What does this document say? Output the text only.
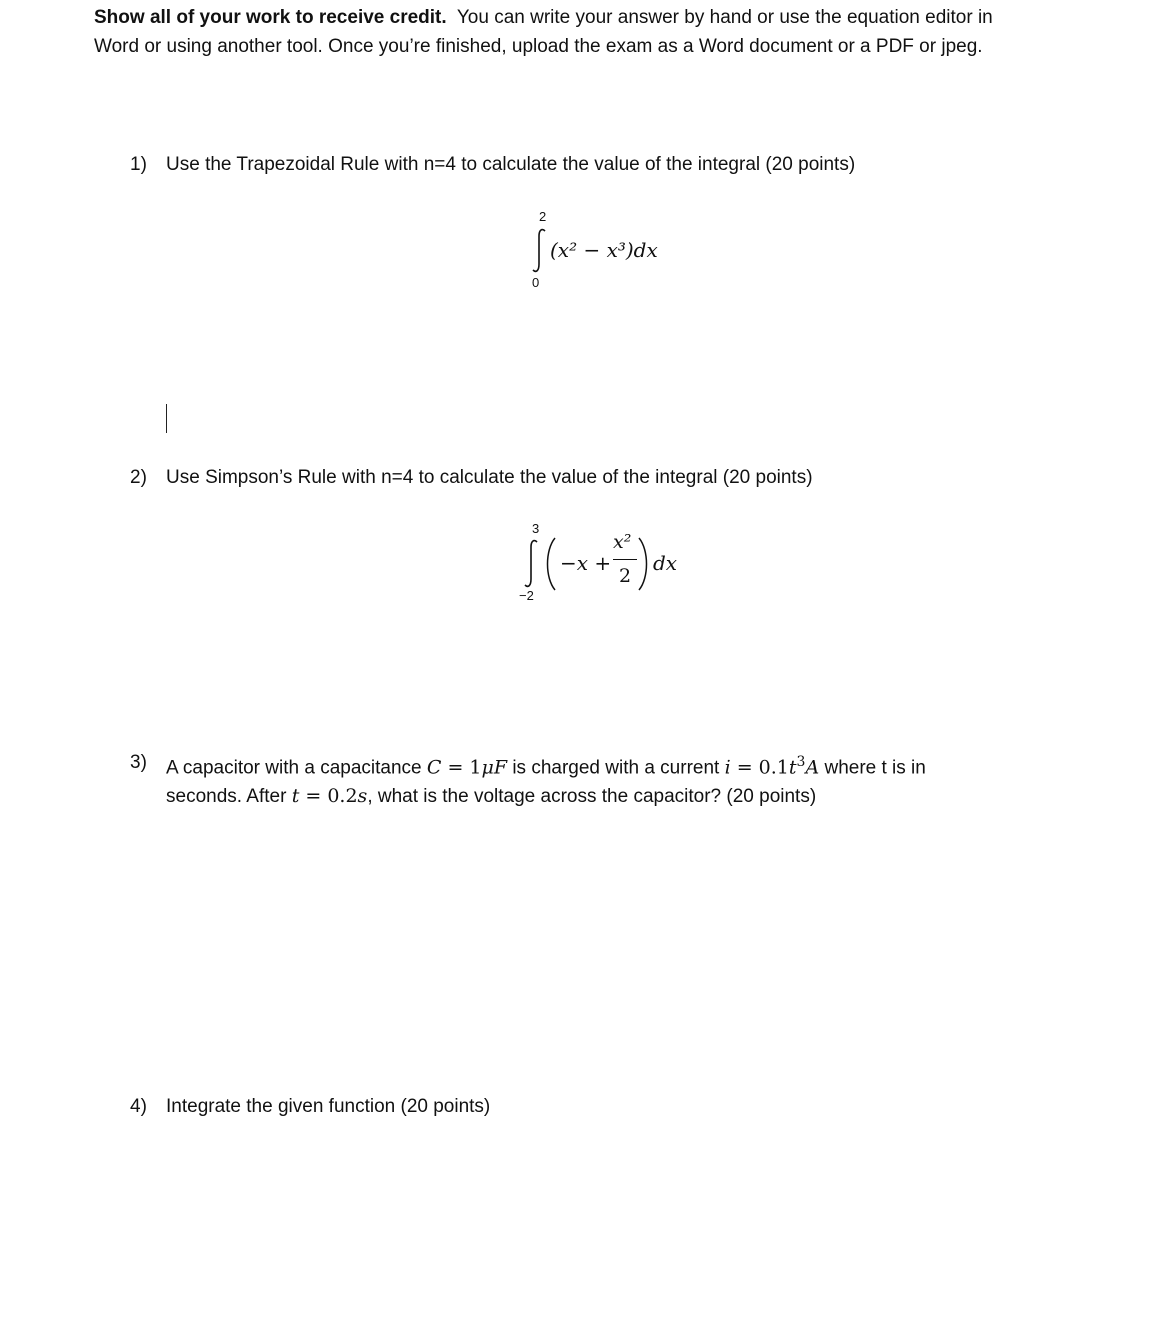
Show all of your work to receive credit. You can write your answer by hand or use the equation editor in Word or using another tool. Once you’re finished, upload the exam as a Word document or a PDF or jpeg.
1) Use the Trapezoidal Rule with n=4 to calculate the value of the integral (20 points)
2
0
(x² − x³)dx
2) Use Simpson’s Rule with n=4 to calculate the value of the integral (20 points)
3
−2
−x +
x²
2
dx
3) A capacitor with a capacitance C = 1μF is charged with a current $i = 0.1t^3A$ where t is in
seconds. After t = 0.2s, what is the voltage across the capacitor? (20 points)
4) Integrate the given function (20 points)
